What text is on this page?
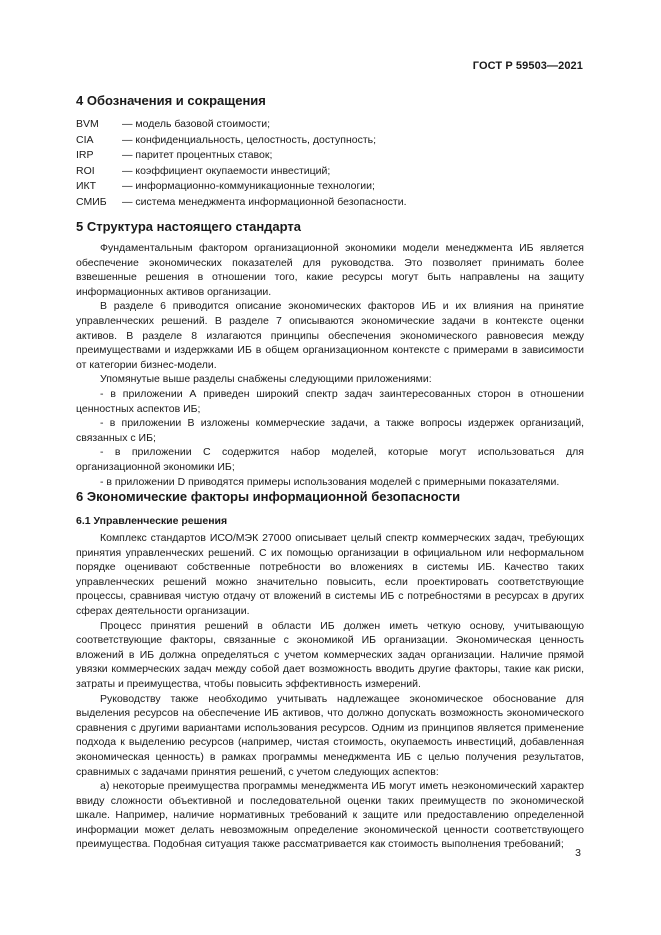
ГОСТ Р 59503—2021
4 Обозначения и сокращения
BVM — модель базовой стоимости;
CIA	— конфиденциальность, целостность, доступность;
IRP	— паритет процентных ставок;
ROI	— коэффициент окупаемости инвестиций;
ИКТ — информационно-коммуникационные технологии;
СМИБ — система менеджмента информационной безопасности.
5 Структура настоящего стандарта

Фундаментальным фактором организационной экономики модели менеджмента ИБ является обеспечение экономических показателей для руководства. Это позволяет принимать более взвешенные решения в отношении того, какие ресурсы могут быть направлены на защиту информационных активов организации.

В разделе 6 приводится описание экономических факторов ИБ и их влияния на принятие управленческих решений. В разделе 7 описываются экономические задачи в контексте оценки активов. В разделе 8 излагаются принципы обеспечения экономического равновесия между преимуществами и издержками ИБ в общем организационном контексте с примерами в зависимости от категории бизнес-модели.

Упомянутые выше разделы снабжены следующими приложениями:

- в приложении А приведен широкий спектр задач заинтересованных сторон в отношении ценностных аспектов ИБ;

- в приложении В изложены коммерческие задачи, а также вопросы издержек организаций, связанных с ИБ;

- в приложении С содержится набор моделей, которые могут использоваться для организационной экономики ИБ;

- в приложении D приводятся примеры использования моделей с примерными показателями.

6 Экономические факторы информационной безопасности
6.1 Управленческие решения

Комплекс стандартов ИСО/МЭК 27000 описывает целый спектр коммерческих задач, требующих принятия управленческих решений. С их помощью организации в официальном или неформальном порядке оценивают собственные потребности во вложениях в системы ИБ. Качество таких управленческих решений можно значительно повысить, если проектировать соответствующие процессы, сравнивая чистую отдачу от вложений в системы ИБ с потребностями в ресурсах в других сферах деятельности организации.

Процесс принятия решений в области ИБ должен иметь четкую основу, учитывающую соответствующие факторы, связанные с экономикой ИБ организации. Экономическая ценность вложений в ИБ должна определяться с учетом коммерческих задач организации. Наличие прямой увязки коммерческих задач между собой дает возможность вводить другие факторы, такие как риски, затраты и преимущества, чтобы повысить эффективность измерений.

Руководству также необходимо учитывать надлежащее экономическое обоснование для выделения ресурсов на обеспечение ИБ активов, что должно допускать возможность экономического сравнения с другими вариантами использования ресурсов. Одним из принципов является применение подхода к выделению ресурсов (например, чистая стоимость, окупаемость инвестиций, добавленная экономическая ценность) в рамках программы менеджмента ИБ с целью получения результатов, сравнимых с задачами принятия решений, с учетом следующих аспектов:

а) некоторые преимущества программы менеджмента ИБ могут иметь неэкономический характер ввиду сложности объективной и последовательной оценки таких преимуществ по экономической шкале. Например, наличие нормативных требований к защите или предоставлению определенной информации может делать невозможным определение экономической ценности соответствующего преимущества. Подобная ситуация также рассматривается как стоимость выполнения требований;

3
